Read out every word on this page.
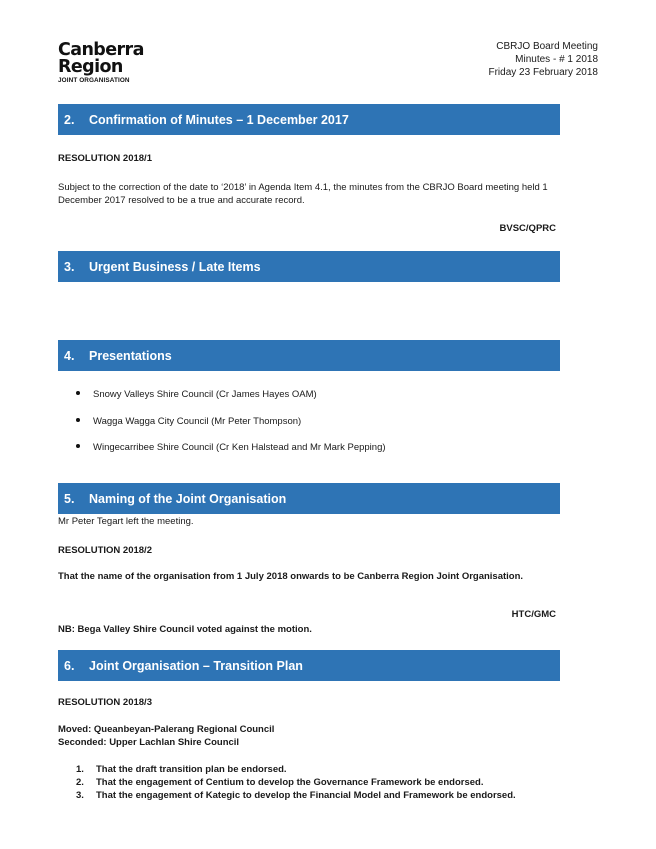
Canberra
Region
JOINT ORGANISATION
CBRJO Board Meeting
Minutes - # 1 2018
Friday 23 February 2018
2.	Confirmation of Minutes – 1 December 2017
RESOLUTION 2018/1
Subject to the correction of the date to ‘2018’ in Agenda Item 4.1, the minutes from the CBRJO Board meeting held 1
December 2017 resolved to be a true and accurate record.
BVSC/QPRC
3.	Urgent Business / Late Items
4.	Presentations
Snowy Valleys Shire Council (Cr James Hayes OAM)
Wagga Wagga City Council (Mr Peter Thompson)
Wingecarribee Shire Council (Cr Ken Halstead and Mr Mark Pepping)
5.	Naming of the Joint Organisation
Mr Peter Tegart left the meeting.
RESOLUTION 2018/2
That the name of the organisation from 1 July 2018 onwards to be Canberra Region Joint Organisation.
HTC/GMC
NB: Bega Valley Shire Council voted against the motion.
6.	Joint Organisation – Transition Plan
RESOLUTION 2018/3
Moved: Queanbeyan-Palerang Regional Council
Seconded: Upper Lachlan Shire Council
1. That the draft transition plan be endorsed.
2. That the engagement of Centium to develop the Governance Framework be endorsed.
3. That the engagement of Kategic to develop the Financial Model and Framework be endorsed.
